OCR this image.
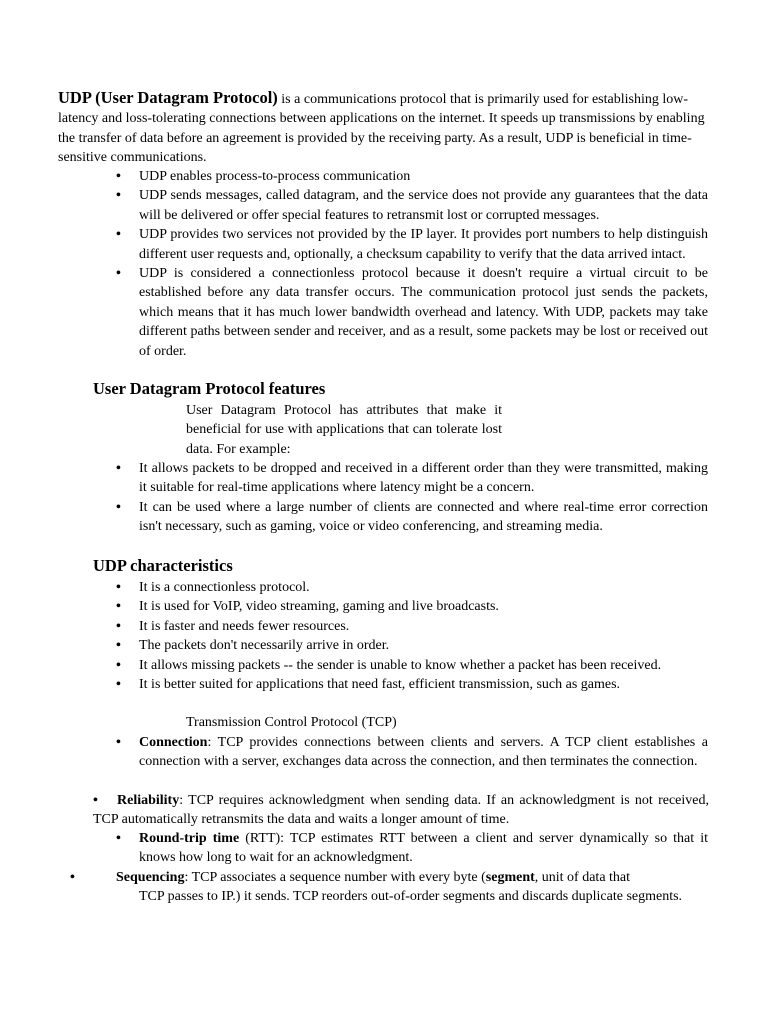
UDP (User Datagram Protocol) is a communications protocol that is primarily used for establishing low-latency and loss-tolerating connections between applications on the internet. It speeds up transmissions by enabling the transfer of data before an agreement is provided by the receiving party. As a result, UDP is beneficial in time-sensitive communications.

• UDP enables process-to-process communication
• UDP sends messages, called datagram, and the service does not provide any guarantees that the data will be delivered or offer special features to retransmit lost or corrupted messages.
• UDP provides two services not provided by the IP layer. It provides port numbers to help distinguish different user requests and, optionally, a checksum capability to verify that the data arrived intact.
• UDP is considered a connectionless protocol because it doesn't require a virtual circuit to be established before any data transfer occurs. The communication protocol just sends the packets, which means that it has much lower bandwidth overhead and latency. With UDP, packets may take different paths between sender and receiver, and as a result, some packets may be lost or received out of order.
User Datagram Protocol features

User Datagram Protocol has attributes that make it beneficial for use with applications that can tolerate lost data. For example:

• It allows packets to be dropped and received in a different order than they were transmitted, making it suitable for real-time applications where latency might be a concern.
• It can be used where a large number of clients are connected and where real-time error correction isn't necessary, such as gaming, voice or video conferencing, and streaming media.
UDP characteristics
• It is a connectionless protocol.
• It is used for VoIP, video streaming, gaming and live broadcasts.
• It is faster and needs fewer resources.
• The packets don't necessarily arrive in order.
• It allows missing packets -- the sender is unable to know whether a packet has been received.
• It is better suited for applications that need fast, efficient transmission, such as games.

Transmission Control Protocol (TCP)

• Connection: TCP provides connections between clients and servers. A TCP client establishes a connection with a server, exchanges data across the connection, and then terminates the connection.

• Reliability: TCP requires acknowledgment when sending data. If an acknowledgment is not received, TCP automatically retransmits the data and waits a longer amount of time.

• Round-trip time (RTT): TCP estimates RTT between a client and server dynamically so that it knows how long to wait for an acknowledgment.
•	Sequencing: TCP associates a sequence number with every byte (segment, unit of data that
TCP passes to IP.) it sends. TCP reorders out-of-order segments and discards duplicate segments.
